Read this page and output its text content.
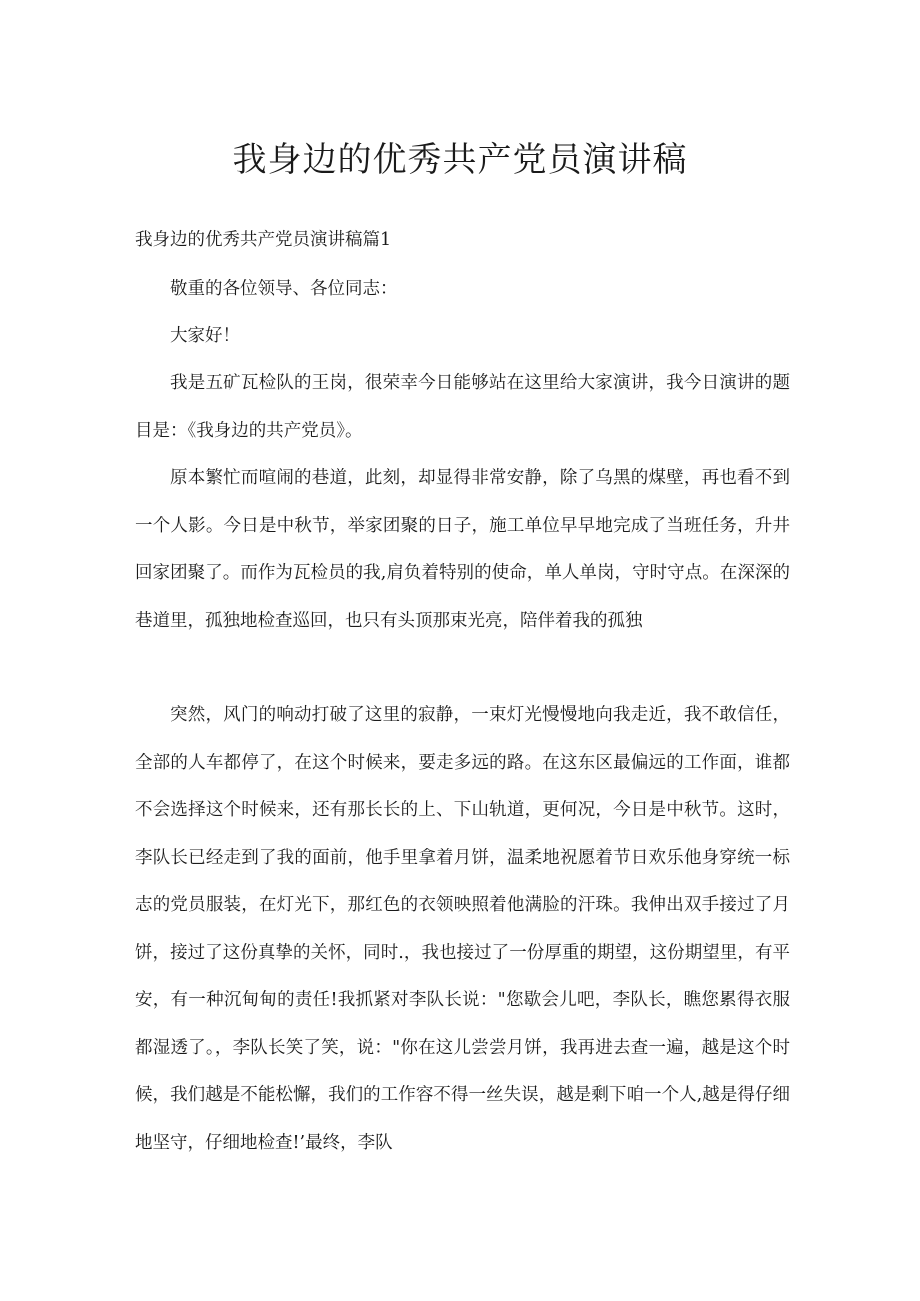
我身边的优秀共产党员演讲稿

我身边的优秀共产党员演讲稿篇1

敬重的各位领导、各位同志：

大家好！

我是五矿瓦检队的王岗，很荣幸今日能够站在这里给大家演讲，我今日演讲的题目是：《我身边的共产党员》。

原本繁忙而喧闹的巷道，此刻，却显得非常安静，除了乌黑的煤壁，再也看不到一个人影。今日是中秋节，举家团聚的日子，施工单位早早地完成了当班任务，升井回家团聚了。而作为瓦检员的我,肩负着特别的使命，单人单岗，守时守点。在深深的巷道里，孤独地检查巡回，也只有头顶那束光亮，陪伴着我的孤独

突然，风门的响动打破了这里的寂静，一束灯光慢慢地向我走近，我不敢信任，全部的人车都停了，在这个时候来，要走多远的路。在这东区最偏远的工作面，谁都不会选择这个时候来，还有那长长的上、下山轨道，更何况，今日是中秋节。这时，李队长已经走到了我的面前，他手里拿着月饼，温柔地祝愿着节日欢乐他身穿统一标志的党员服装，在灯光下，那红色的衣领映照着他满脸的汗珠。我伸出双手接过了月饼，接过了这份真挚的关怀，同时.，我也接过了一份厚重的期望，这份期望里，有平安，有一种沉甸甸的责任!我抓紧对李队长说："您歇会儿吧，李队长，瞧您累得衣服都湿透了。，李队长笑了笑，说："你在这儿尝尝月饼，我再进去查一遍，越是这个时候，我们越是不能松懈，我们的工作容不得一丝失误，越是剩下咱一个人,越是得仔细地坚守，仔细地检查!’最终，李队
